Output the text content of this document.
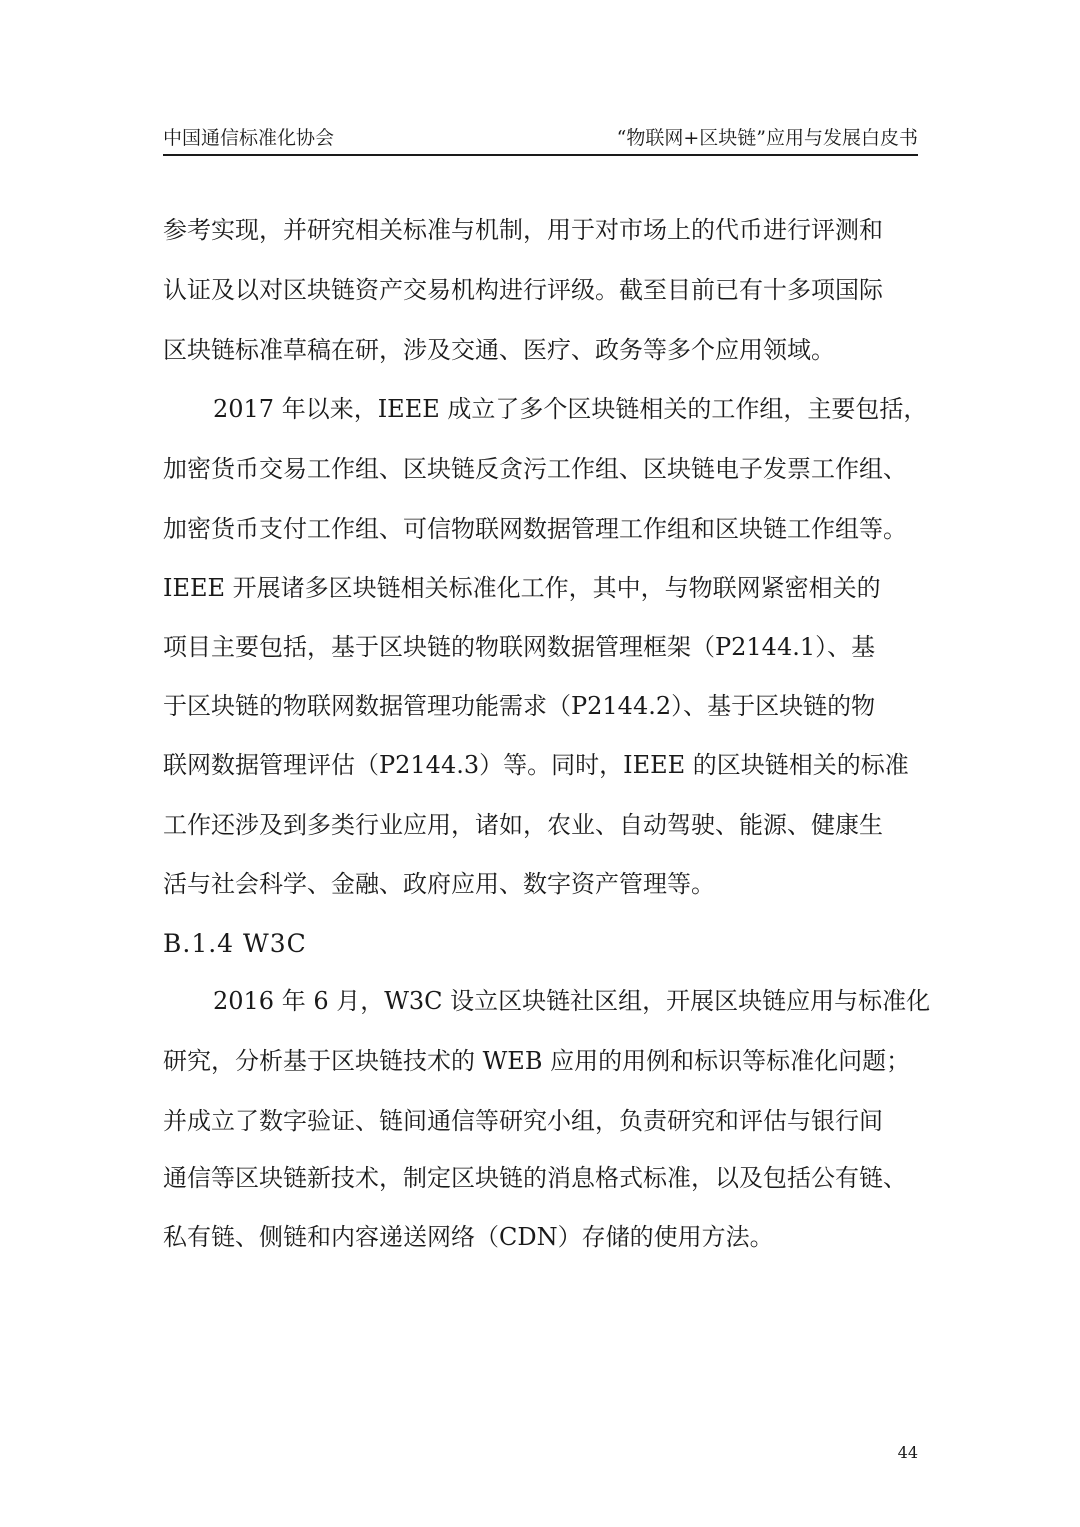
中国通信标准化协会	“物联网+区块链”应用与发展白皮书
参考实现，并研究相关标准与机制，用于对市场上的代币进行评测和
认证及以对区块链资产交易机构进行评级。截至目前已有十多项国际
区块链标准草稿在研，涉及交通、医疗、政务等多个应用领域。
2017 年以来，IEEE 成立了多个区块链相关的工作组，主要包括，
加密货币交易工作组、区块链反贪污工作组、区块链电子发票工作组、
加密货币支付工作组、可信物联网数据管理工作组和区块链工作组等。
IEEE 开展诸多区块链相关标准化工作，其中，与物联网紧密相关的
项目主要包括，基于区块链的物联网数据管理框架（P2144.1）、基
于区块链的物联网数据管理功能需求（P2144.2）、基于区块链的物
联网数据管理评估（P2144.3）等。同时，IEEE 的区块链相关的标准
工作还涉及到多类行业应用，诸如，农业、自动驾驶、能源、健康生
活与社会科学、金融、政府应用、数字资产管理等。
B.1.4 W3C
2016 年 6 月，W3C 设立区块链社区组，开展区块链应用与标准化
研究，分析基于区块链技术的 WEB 应用的用例和标识等标准化问题；
并成立了数字验证、链间通信等研究小组，负责研究和评估与银行间
通信等区块链新技术，制定区块链的消息格式标准，以及包括公有链、
私有链、侧链和内容递送网络（CDN）存储的使用方法。
44
